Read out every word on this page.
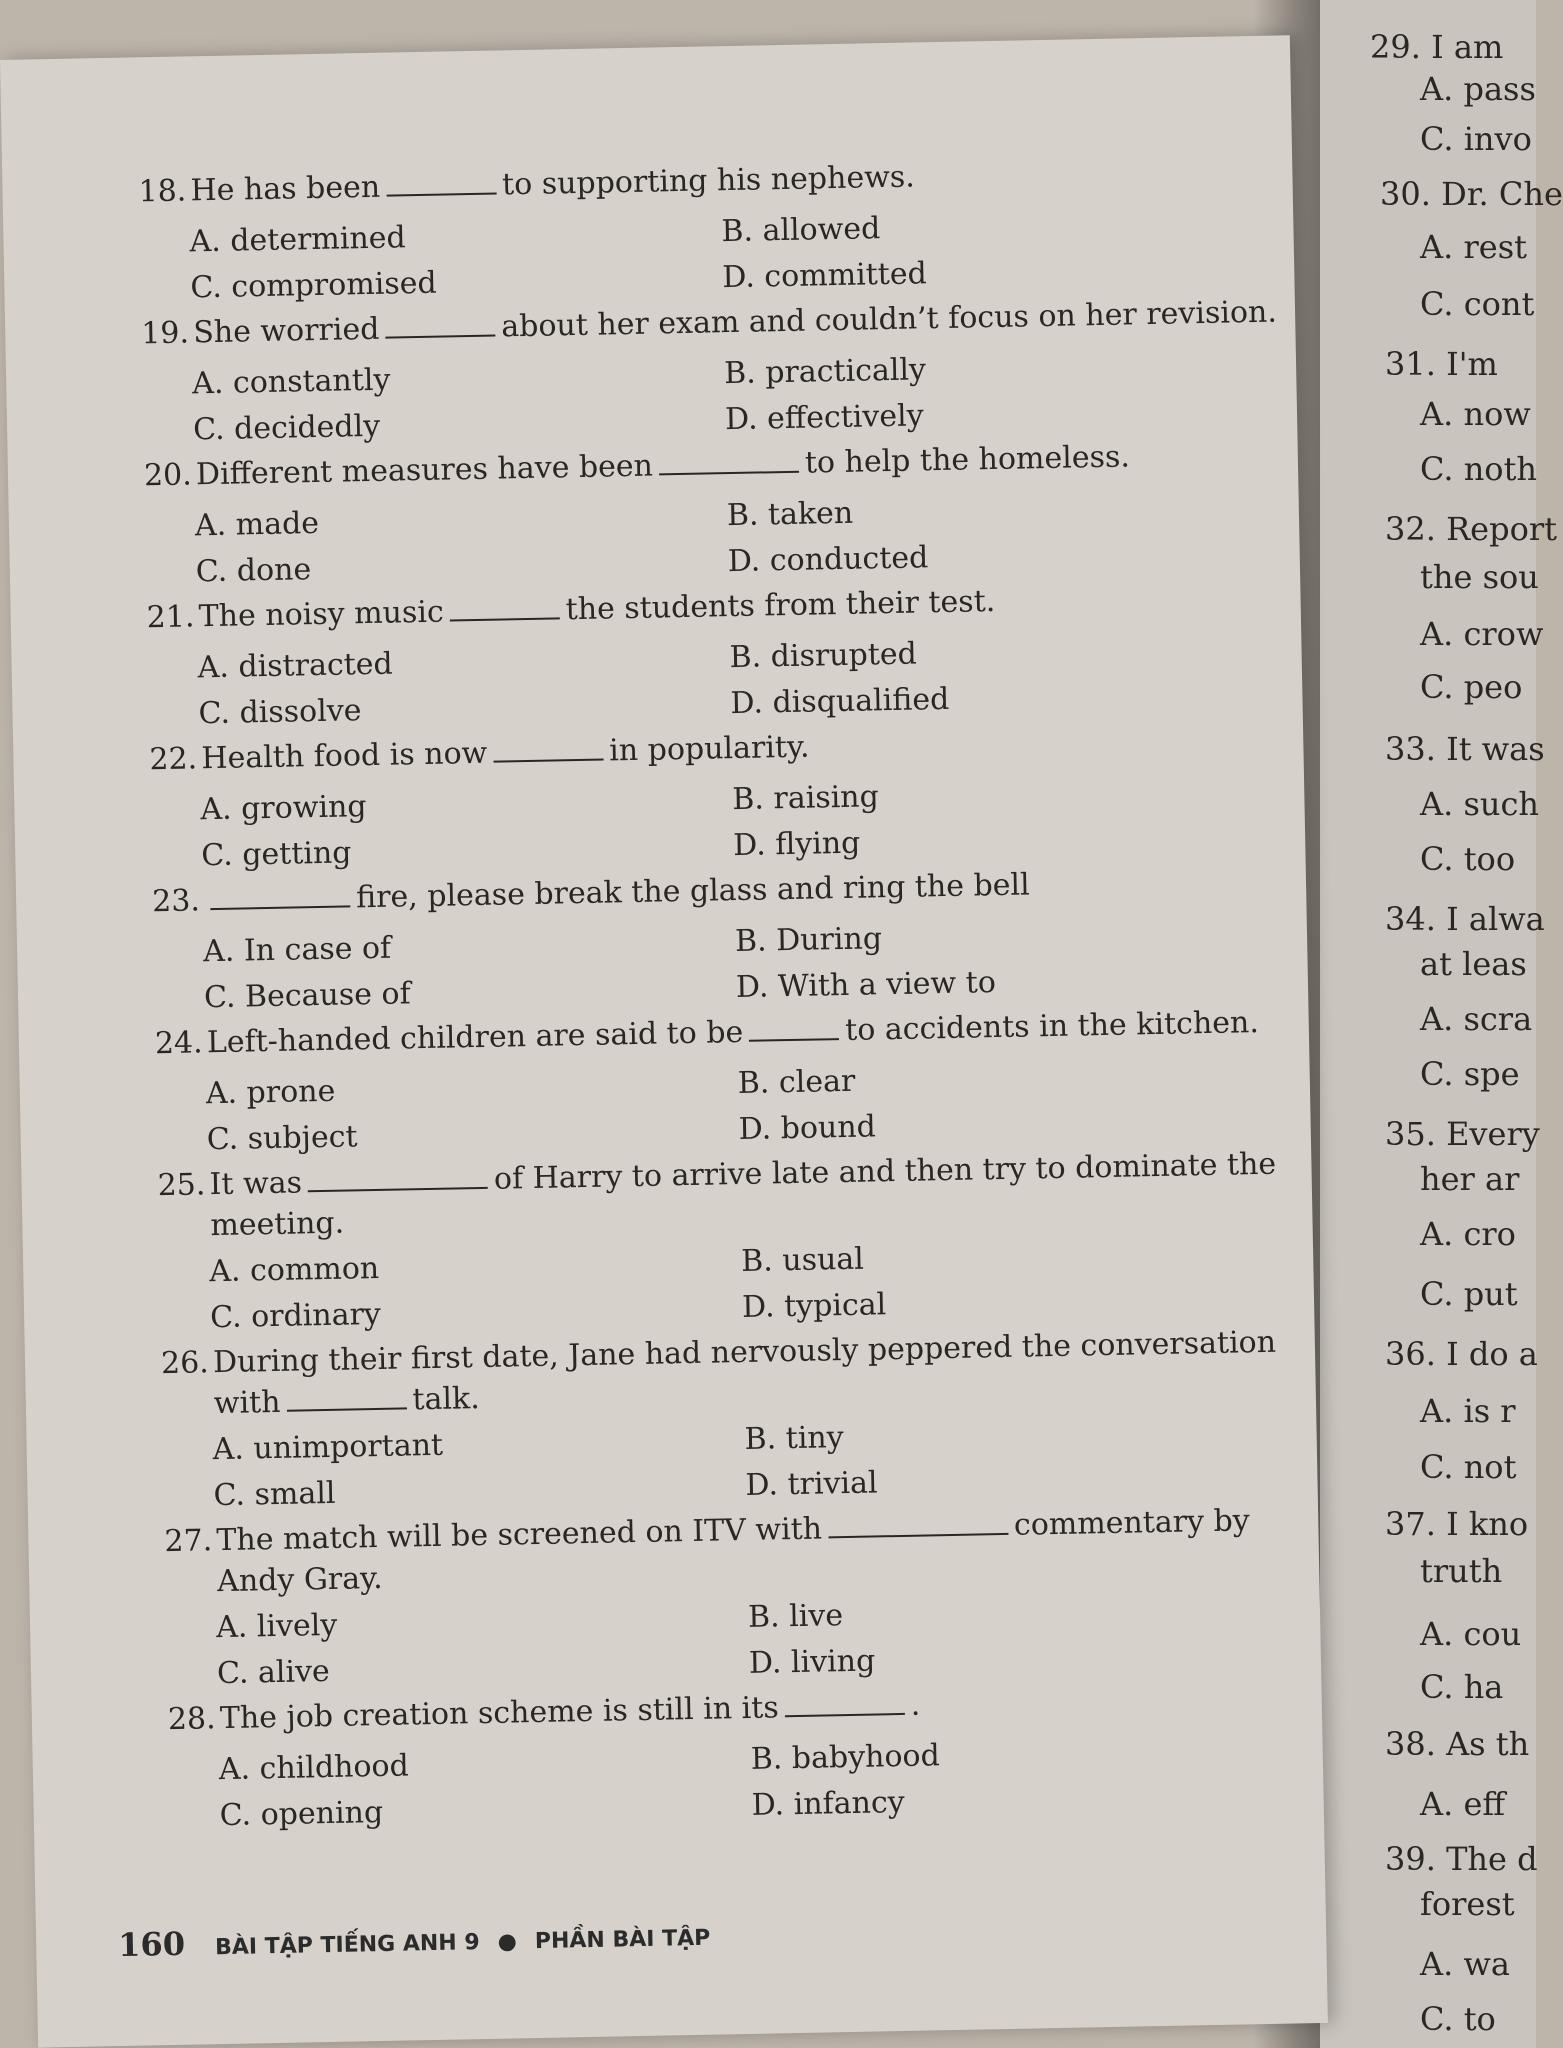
29. I am
A. pass
C. invo
30. Dr. Che
A. rest
C. cont
31. I'm
A. now
C. noth
32. Report
the sou
A. crow
C. peo
33. It was
A. such
C. too
34. I alwa
at leas
A. scra
C. spe
35. Every
her ar
A. cro
C. put
36. I do a
A. is r
C. not
37. I kno
truth
A. cou
C. ha
38. As th
A. eff
39. The d
forest
A. wa
C. to
18. He has been	to supporting his nephews.
A. determined	B. allowed
C. compromised	D. committed
19. She worried	about her exam and couldn’t focus on her revision.
A. constantly	B. practically
C. decidedly	D. effectively
20. Different measures have been	to help the homeless.
A. made	B. taken
C. done	D. conducted
21. The noisy music	the students from their test.
A. distracted	B. disrupted
C. dissolve	D. disqualified
22. Health food is now	in popularity.
A. growing	B. raising
C. getting	D. flying
23.	fire, please break the glass and ring the bell
A. In case of	B. During
C. Because of	D. With a view to
24. Left-handed children are said to be	to accidents in the kitchen.
A. prone	B. clear
C. subject	D. bound
25. It was	of Harry to arrive late and then try to dominate the
meeting.
A. common	B. usual
C. ordinary	D. typical
26. During their first date, Jane had nervously peppered the conversation
with	talk.
A. unimportant	B. tiny
C. small	D. trivial
27. The match will be screened on ITV with	commentary by
Andy Gray.
A. lively	B. live
C. alive	D. living
28. The job creation scheme is still in its	.
A. childhood	B. babyhood
C. opening	D. infancy
160 BÀI TẬP TIẾNG ANH 9 ● PHẦN BÀI TẬP
